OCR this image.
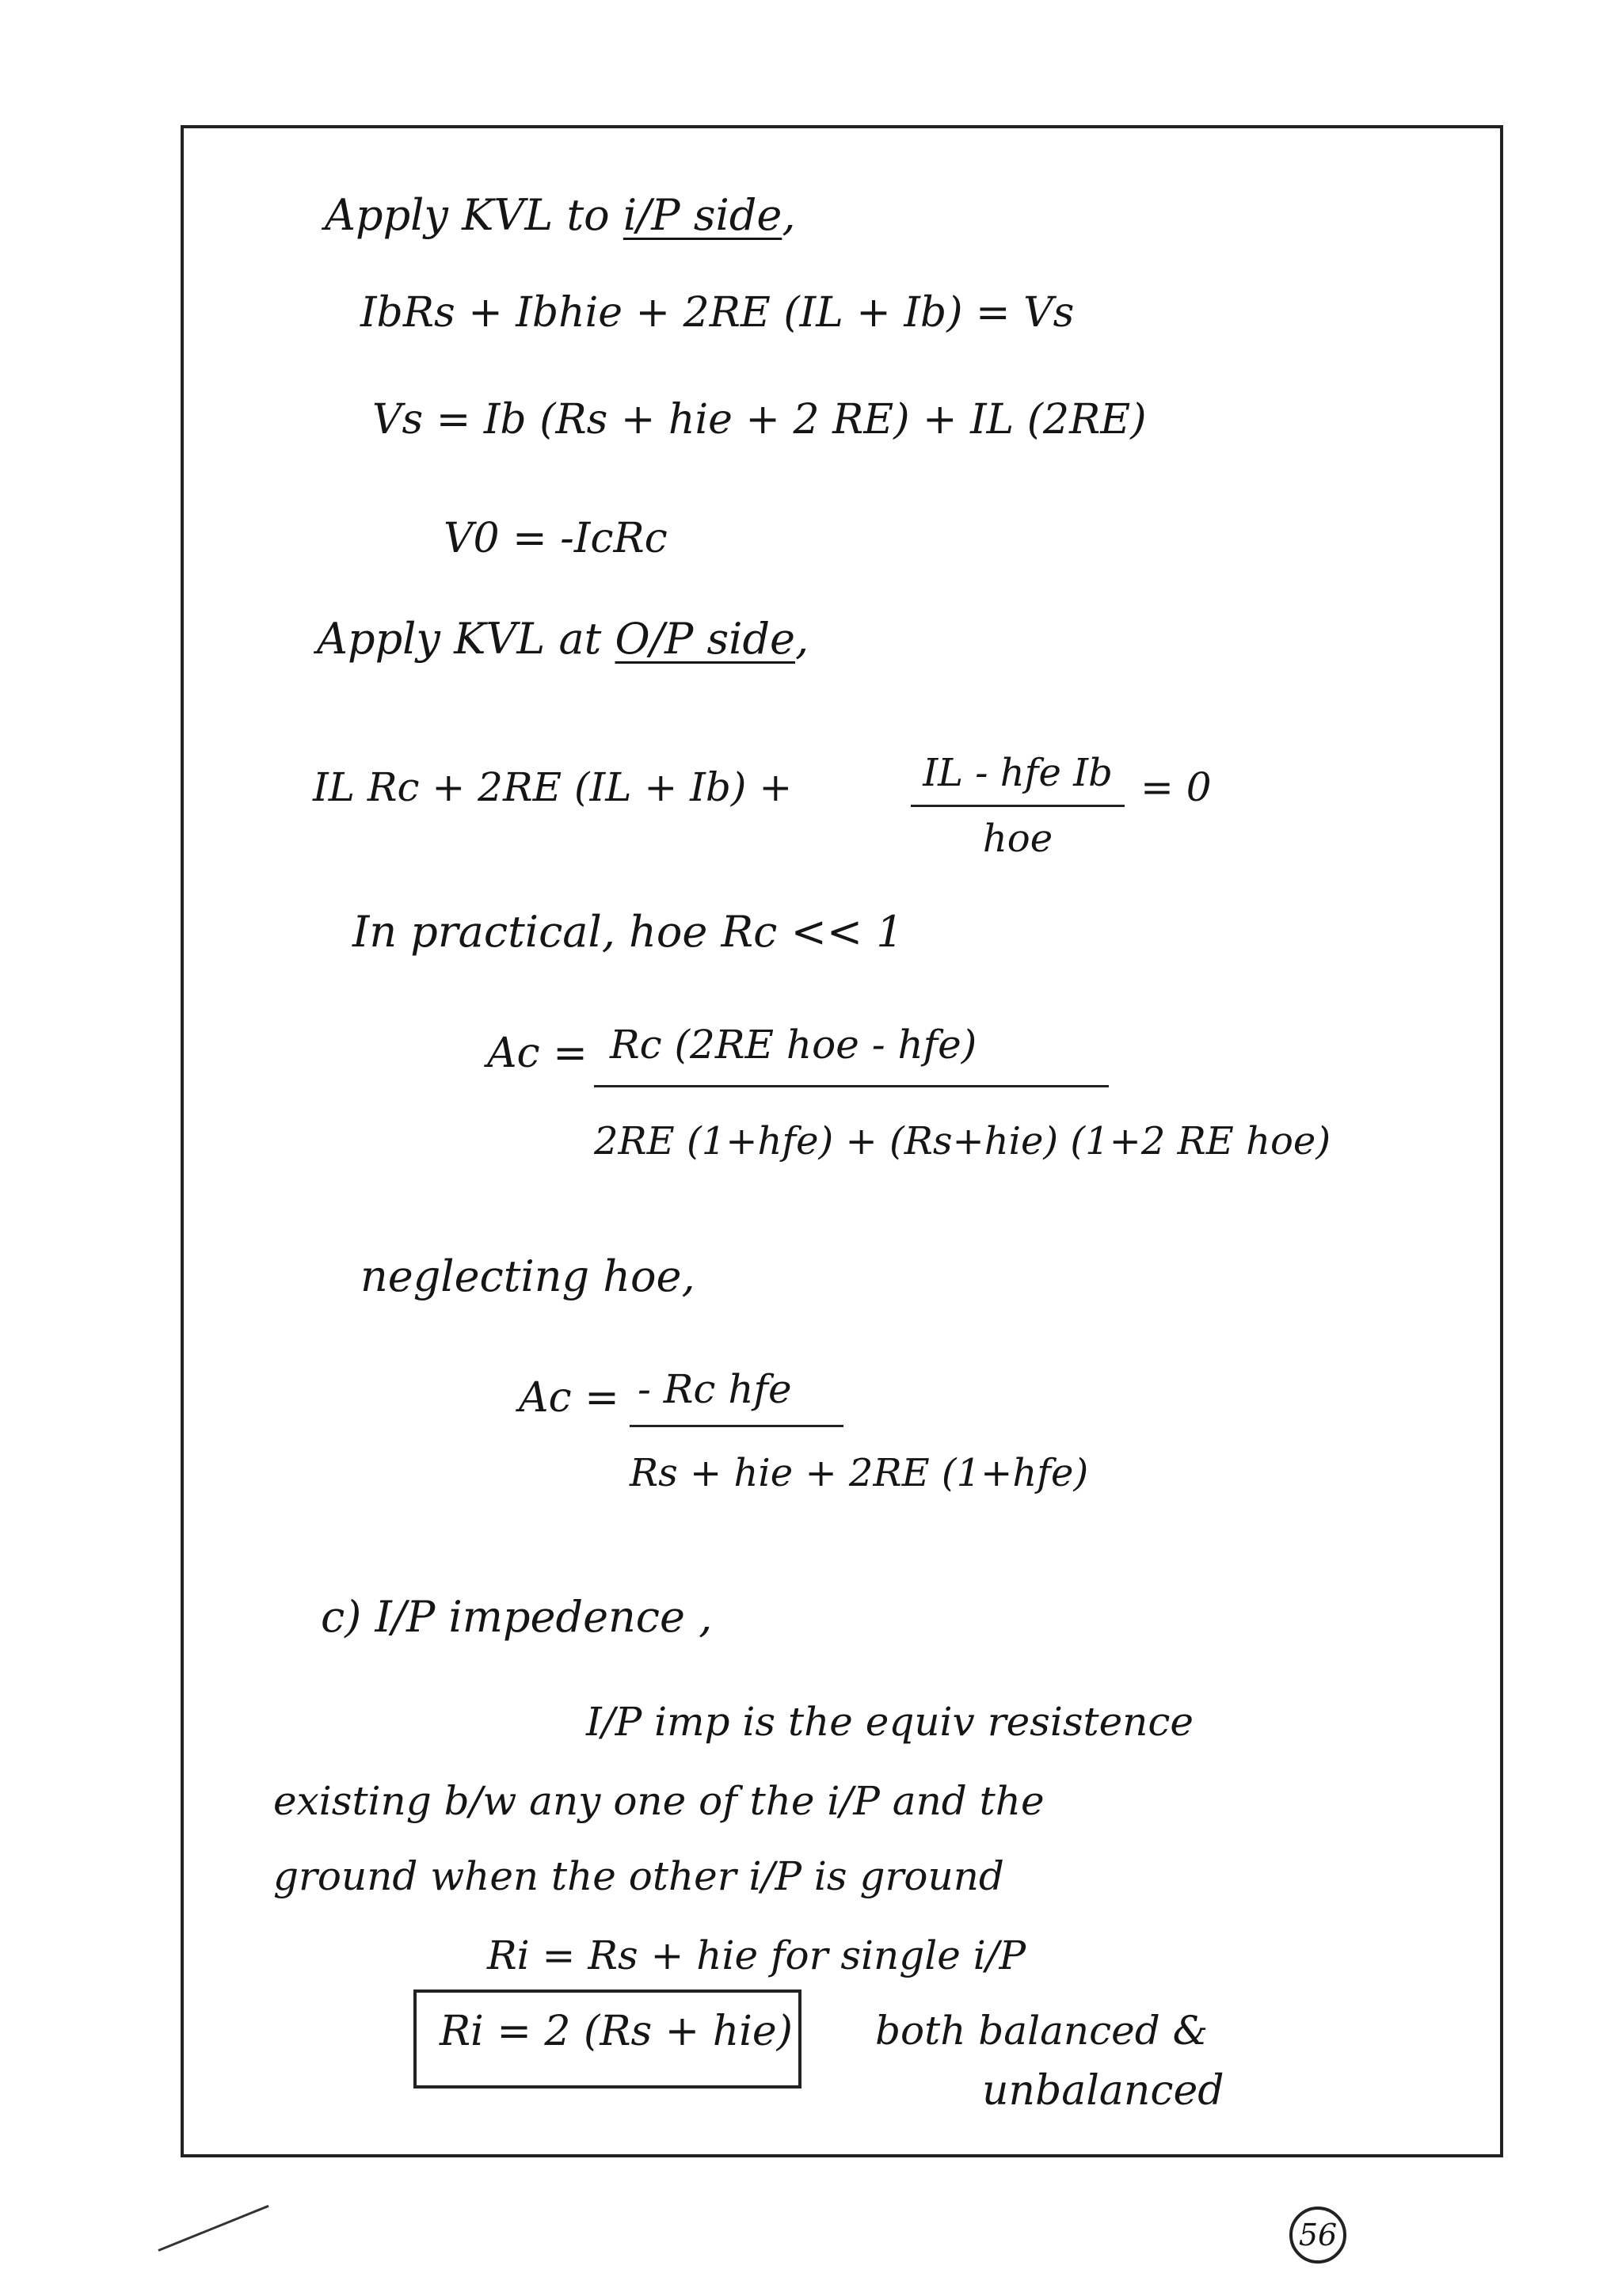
Apply KVL to i/P side,
IbRs + Ibhie + 2RE (IL + Ib) = Vs
Vs = Ib (Rs + hie + 2 RE) + IL (2RE)
V0 = -IcRc
Apply KVL at O/P side,
IL Rc + 2RE (IL + Ib) +	IL - hfe Ib
hoe
= 0
In practical, hoe Rc << 1
Ac = Rc (2RE hoe - hfe)
2RE (1+hfe) + (Rs+hie) (1+2 RE hoe)
neglecting hoe,
Ac = - Rc hfe
Rs + hie + 2RE (1+hfe)
c) I/P impedence ,
I/P imp is the equiv resistence
existing b/w any one of the i/P and the
ground when the other i/P is ground
Ri = Rs + hie for single i/P
Ri = 2 (Rs + hie) both balanced &
unbalanced
56
